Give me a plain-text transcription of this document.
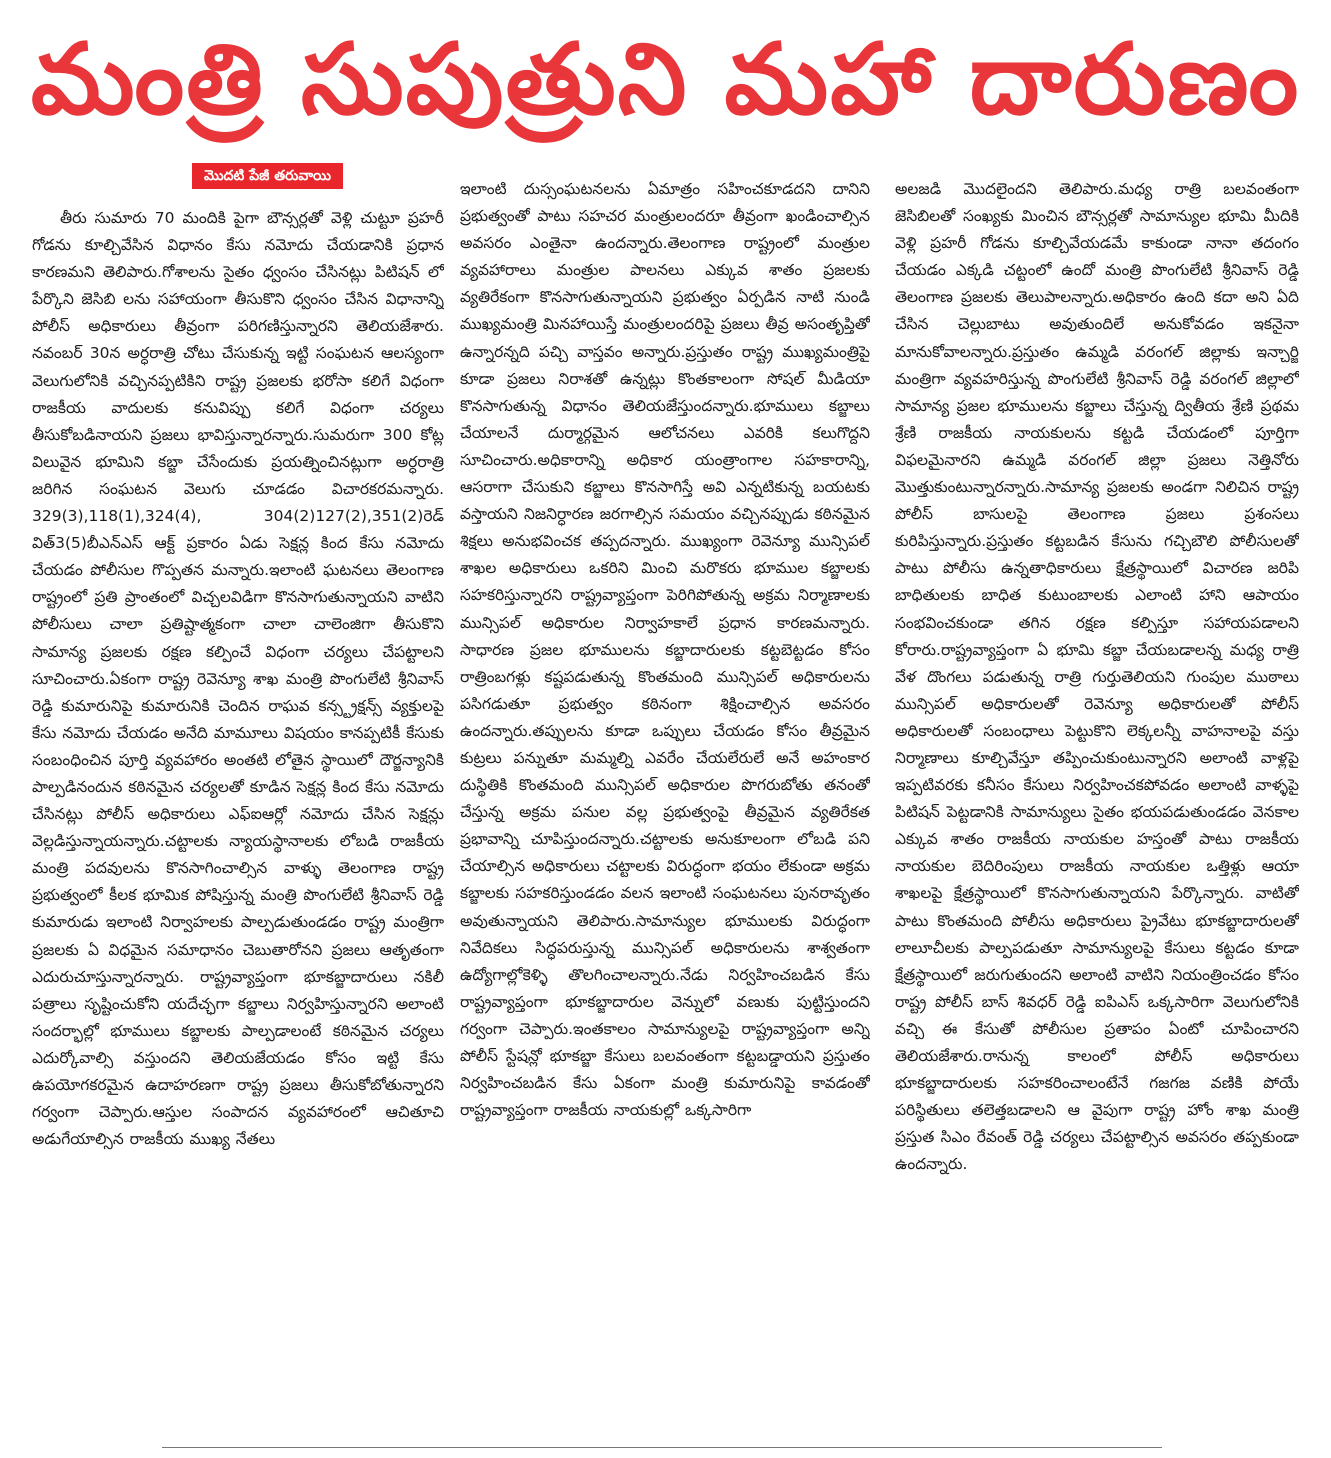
మంత్రి సుపుత్రుని మహా దారుణం
మొదటి పేజీ తరువాయి

తీరు సుమారు 70 మందికి పైగా బౌన్సర్లతో వెళ్లి చుట్టూ ప్రహరీ గోడను కూల్చివేసిన విధానం కేసు నమోదు చేయడానికి ప్రధాన కారణమని తెలిపారు.గోశాలను సైతం ధ్వంసం చేసినట్లు పిటిషన్ లో పేర్కొని జెసిబి లను సహాయంగా తీసుకొని ధ్వంసం చేసిన విధానాన్ని పోలీస్ అధికారులు తీవ్రంగా పరిగణిస్తున్నారని తెలియజేశారు. నవంబర్ 30న అర్ధరాత్రి చోటు చేసుకున్న ఇట్టి సంఘటన ఆలస్యంగా వెలుగులోనికి వచ్చినప్పటికిని రాష్ట్ర ప్రజలకు భరోసా కలిగే విధంగా రాజకీయ వాదులకు కనువిప్పు కలిగే విధంగా చర్యలు తీసుకోబడినాయని ప్రజలు భావిస్తున్నారన్నారు.సుమరుగా 300 కోట్ల విలువైన భూమిని కబ్జా చేసేందుకు ప్రయత్నించినట్లుగా అర్ధరాత్రి జరిగిన సంఘటన వెలుగు చూడడం విచారకరమన్నారు. 329(3),118(1),324(4), 304(2)127(2),351(2)రెడ్ విత్3(5)బీఎన్ఎస్ ఆక్ట్ ప్రకారం ఏడు సెక్షన్ల కింద కేసు నమోదు చేయడం పోలీసుల గొప్పతన మన్నారు.ఇలాంటి ఘటనలు తెలంగాణ రాష్ట్రంలో ప్రతి ప్రాంతంలో విచ్చలవిడిగా కొనసాగుతున్నాయని వాటిని పోలీసులు చాలా ప్రతిష్టాత్మకంగా చాలా చాలెంజిగా తీసుకొని సామాన్య ప్రజలకు రక్షణ కల్పించే విధంగా చర్యలు చేపట్టాలని సూచించారు.ఏకంగా రాష్ట్ర రెవెన్యూ శాఖ మంత్రి పొంగులేటి శ్రీనివాస్ రెడ్డి కుమారునిపై కుమారునికి చెందిన రాఘవ కన్స్ట్రక్షన్స్ వ్యక్తులపై కేసు నమోదు చేయడం అనేది మామూలు విషయం కానప్పటికీ కేసుకు సంబంధించిన పూర్తి వ్యవహారం అంతటి లోతైన స్థాయిలో దౌర్జన్యానికి పాల్పడినందున కఠినమైన చర్యలతో కూడిన సెక్షన్ల కింద కేసు నమోదు చేసినట్లు పోలీస్ అధికారులు ఎఫ్ఐఆర్లో నమోదు చేసిన సెక్షన్లు వెల్లడిస్తున్నాయన్నారు.చట్టాలకు న్యాయస్థానాలకు లోబడి రాజకీయ మంత్రి పదవులను కొనసాగించాల్సిన వాళ్ళు తెలంగాణ రాష్ట్ర ప్రభుత్వంలో కీలక భూమిక పోషిస్తున్న మంత్రి పొంగులేటి శ్రీనివాస్ రెడ్డి కుమారుడు ఇలాంటి నిర్వాహలకు పాల్పడుతుండడం రాష్ట్ర మంత్రిగా ప్రజలకు ఏ విధమైన సమాధానం చెబుతారోనని ప్రజలు ఆతృతంగా ఎదురుచూస్తున్నారన్నారు. రాష్ట్రవ్యాప్తంగా భూకబ్జాదారులు నకిలీ పత్రాలు సృష్టించుకోని యదేచ్ఛగా కబ్జాలు నిర్వహిస్తున్నారని అలాంటి సందర్భాల్లో భూములు కబ్జాలకు పాల్పడాలంటే కఠినమైన చర్యలు ఎదుర్కోవాల్సి వస్తుందని తెలియజేయడం కోసం ఇట్టి కేసు ఉపయోగకరమైన ఉదాహరణగా రాష్ట్ర ప్రజలు తీసుకోబోతున్నారని గర్వంగా చెప్పారు.ఆస్తుల సంపాదన వ్యవహారంలో ఆచితూచి అడుగేయాల్సిన రాజకీయ ముఖ్య నేతలు

ఇలాంటి దుస్సంఘటనలను ఏమాత్రం సహించకూడదని దానిని ప్రభుత్వంతో పాటు సహచర మంత్రులందరూ తీవ్రంగా ఖండించాల్సిన అవసరం ఎంతైనా ఉందన్నారు.తెలంగాణ రాష్ట్రంలో మంత్రుల వ్యవహారాలు మంత్రుల పాలనలు ఎక్కువ శాతం ప్రజలకు వ్యతిరేకంగా కొనసాగుతున్నాయని ప్రభుత్వం ఏర్పడిన నాటి నుండి ముఖ్యమంత్రి మినహాయిస్తే మంత్రులందరిపై ప్రజలు తీవ్ర అసంతృప్తితో ఉన్నారన్నది పచ్చి వాస్తవం అన్నారు.ప్రస్తుతం రాష్ట్ర ముఖ్యమంత్రిపై కూడా ప్రజలు నిరాశతో ఉన్నట్లు కొంతకాలంగా సోషల్ మీడియా కొనసాగుతున్న విధానం తెలియజేస్తుందన్నారు.భూములు కబ్జాలు చేయాలనే దుర్మార్గమైన ఆలోచనలు ఎవరికి కలుగొద్దని సూచించారు.అధికారాన్ని అధికార యంత్రాంగాల సహకారాన్ని, ఆసరాగా చేసుకుని కబ్జాలు కొనసాగిస్తే అవి ఎన్నటికున్న బయటకు వస్తాయని నిజనిర్ధారణ జరగాల్సిన సమయం వచ్చినప్పుడు కఠినమైన శిక్షలు అనుభవించక తప్పదన్నారు. ముఖ్యంగా రెవెన్యూ మున్సిపల్ శాఖల అధికారులు ఒకరిని మించి మరొకరు భూముల కబ్జాలకు సహకరిస్తున్నారని రాష్ట్రవ్యాప్తంగా పెరిగిపోతున్న అక్రమ నిర్మాణాలకు మున్సిపల్ అధికారుల నిర్వాహకాలే ప్రధాన కారణమన్నారు. సాధారణ ప్రజల భూములను కబ్జాదారులకు కట్టబెట్టడం కోసం రాత్రింబగళ్లు కష్టపడుతున్న కొంతమంది మున్సిపల్ అధికారులను పసిగడుతూ ప్రభుత్వం కఠినంగా శిక్షించాల్సిన అవసరం ఉందన్నారు.తప్పులను కూడా ఒప్పులు చేయడం కోసం తీవ్రమైన కుట్రలు పన్నుతూ మమ్మల్ని ఎవరేం చేయలేరులే అనే అహంకార దుస్థితికి కొంతమంది మున్సిపల్ అధికారుల పొగరుబోతు తనంతో చేస్తున్న అక్రమ పనుల వల్ల ప్రభుత్వంపై తీవ్రమైన వ్యతిరేకత ప్రభావాన్ని చూపిస్తుందన్నారు.చట్టాలకు అనుకూలంగా లోబడి పని చేయాల్సిన అధికారులు చట్టాలకు విరుద్ధంగా భయం లేకుండా అక్రమ కబ్జాలకు సహకరిస్తుండడం వలన ఇలాంటి సంఘటనలు పునరావృతం అవుతున్నాయని తెలిపారు.సామాన్యుల భూములకు విరుద్ధంగా నివేదికలు సిద్ధపరుస్తున్న మున్సిపల్ అధికారులను శాశ్వతంగా ఉద్యోగాల్లోకెళ్ళి తొలగించాలన్నారు.నేడు నిర్వహించబడిన కేసు రాష్ట్రవ్యాప్తంగా భూకబ్జాదారుల వెన్నులో వణుకు పుట్టిస్తుందని గర్వంగా చెప్పారు.ఇంతకాలం సామాన్యులపై రాష్ట్రవ్యాప్తంగా అన్ని పోలీస్ స్టేషన్లో భూకబ్జా కేసులు బలవంతంగా కట్టబడ్డాయని ప్రస్తుతం నిర్వహించబడిన కేసు ఏకంగా మంత్రి కుమారునిపై కావడంతో రాష్ట్రవ్యాప్తంగా రాజకీయ నాయకుల్లో ఒక్కసారిగా

అలజడి మొదలైందని తెలిపారు.మధ్య రాత్రి బలవంతంగా జెసిబిలతో సంఖ్యకు మించిన బౌన్సర్లతో సామాన్యుల భూమి మీదికి వెళ్లి ప్రహరీ గోడను కూల్చివేయడమే కాకుండా నానా తదంగం చేయడం ఎక్కడి చట్టంలో ఉందో మంత్రి పొంగులేటి శ్రీనివాస్ రెడ్డి తెలంగాణ ప్రజలకు తెలుపాలన్నారు.అధికారం ఉంది కదా అని ఏది చేసిన చెల్లుబాటు అవుతుందిలే అనుకోవడం ఇకనైనా మానుకోవాలన్నారు.ప్రస్తుతం ఉమ్మడి వరంగల్ జిల్లాకు ఇన్చార్జి మంత్రిగా వ్యవహరిస్తున్న పొంగులేటి శ్రీనివాస్ రెడ్డి వరంగల్ జిల్లాలో సామాన్య ప్రజల భూములను కబ్జాలు చేస్తున్న ద్వితీయ శ్రేణి ప్రథమ శ్రేణి రాజకీయ నాయకులను కట్టడి చేయడంలో పూర్తిగా విఫలమైనారని ఉమ్మడి వరంగల్ జిల్లా ప్రజలు నెత్తినోరు మొత్తుకుంటున్నారన్నారు.సామాన్య ప్రజలకు అండగా నిలిచిన రాష్ట్ర పోలీస్ బాసులపై తెలంగాణ ప్రజలు ప్రశంసలు కురిపిస్తున్నారు.ప్రస్తుతం కట్టబడిన కేసును గచ్చిబౌలి పోలీసులతో పాటు పోలీసు ఉన్నతాధికారులు క్షేత్రస్థాయిలో విచారణ జరిపి బాధితులకు బాధిత కుటుంబాలకు ఎలాంటి హాని ఆపాయం సంభవించకుండా తగిన రక్షణ కల్పిస్తూ సహాయపడాలని కోరారు.రాష్ట్రవ్యాప్తంగా ఏ భూమి కబ్జా చేయబడాలన్న మధ్య రాత్రి వేళ దొంగలు పడుతున్న రాత్రి గుర్తుతెలియని గుంపుల ముఠాలు మున్సిపల్ అధికారులతో రెవెన్యూ అధికారులతో పోలీస్ అధికారులతో సంబంధాలు పెట్టుకొని లెక్కలన్నీ వాహనాలపై వస్తు నిర్మాణాలు కూల్చివేస్తూ తప్పించుకుంటున్నారని అలాంటి వాళ్లపై ఇప్పటివరకు కనీసం కేసులు నిర్వహించకపోవడం అలాంటి వాళ్ళపై పిటిషన్ పెట్టడానికి సామాన్యులు సైతం భయపడుతుండడం వెనకాల ఎక్కువ శాతం రాజకీయ నాయకుల హస్తంతో పాటు రాజకీయ నాయకుల బెదిరింపులు రాజకీయ నాయకుల ఒత్తిళ్లు ఆయా శాఖలపై క్షేత్రస్థాయిలో కొనసాగుతున్నాయని పేర్కొన్నారు. వాటితో పాటు కొంతమంది పోలీసు అధికారులు ప్రైవేటు భూకబ్జాదారులతో లాలూచీలకు పాల్పపడుతూ సామాన్యులపై కేసులు కట్టడం కూడా క్షేత్రస్థాయిలో జరుగుతుందని అలాంటి వాటిని నియంత్రించడం కోసం రాష్ట్ర పోలీస్ బాస్ శివధర్ రెడ్డి ఐపిఎస్ ఒక్కసారిగా వెలుగులోనికి వచ్చి ఈ కేసుతో పోలీసుల ప్రతాపం ఏంటో చూపించారని తెలియజేశారు.రానున్న కాలంలో పోలీస్ అధికారులు భూకబ్జాదారులకు సహకరించాలంటేనే గజగజ వణికి పోయే పరిస్థితులు తలెత్తబడాలని ఆ వైపుగా రాష్ట్ర హోం శాఖ మంత్రి ప్రస్తుత సిఎం రేవంత్ రెడ్డి చర్యలు చేపట్టాల్సిన అవసరం తప్పకుండా ఉందన్నారు.
